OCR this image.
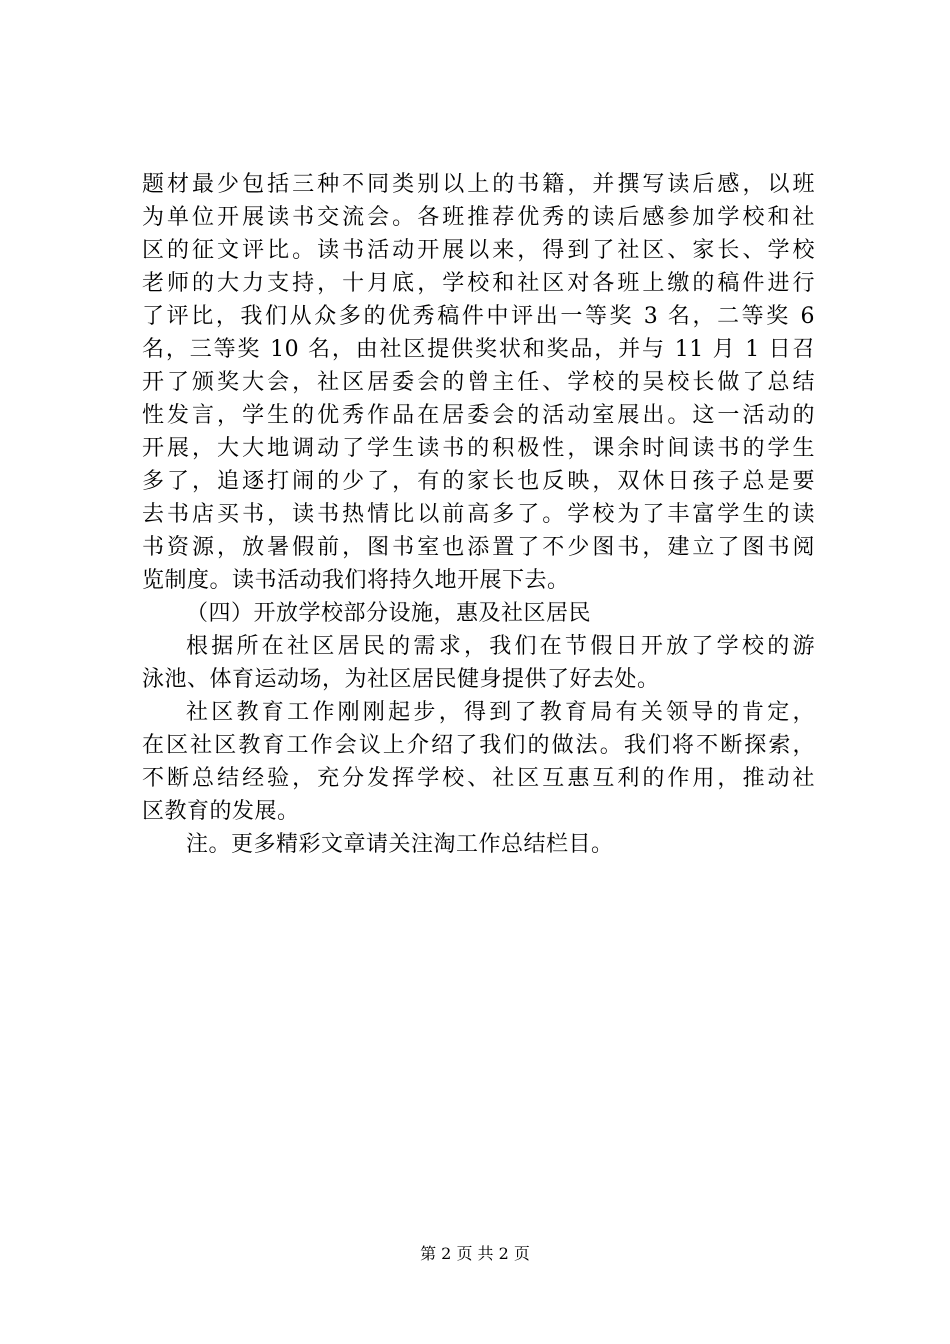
题材最少包括三种不同类别以上的书籍，并撰写读后感，以班
为单位开展读书交流会。各班推荐优秀的读后感参加学校和社
区的征文评比。读书活动开展以来，得到了社区、家长、学校
老师的大力支持，十月底，学校和社区对各班上缴的稿件进行
了评比，我们从众多的优秀稿件中评出一等奖 3 名，二等奖 6
名，三等奖 10 名，由社区提供奖状和奖品，并与 11 月 1 日召
开了颁奖大会，社区居委会的曾主任、学校的吴校长做了总结
性发言，学生的优秀作品在居委会的活动室展出。这一活动的
开展，大大地调动了学生读书的积极性，课余时间读书的学生
多了，追逐打闹的少了，有的家长也反映，双休日孩子总是要
去书店买书，读书热情比以前高多了。学校为了丰富学生的读
书资源，放暑假前，图书室也添置了不少图书，建立了图书阅
览制度。读书活动我们将持久地开展下去。
（四）开放学校部分设施，惠及社区居民
根据所在社区居民的需求，我们在节假日开放了学校的游
泳池、体育运动场，为社区居民健身提供了好去处。
社区教育工作刚刚起步，得到了教育局有关领导的肯定，
在区社区教育工作会议上介绍了我们的做法。我们将不断探索，
不断总结经验，充分发挥学校、社区互惠互利的作用，推动社
区教育的发展。
注。更多精彩文章请关注淘工作总结栏目。
第 2 页 共 2 页
